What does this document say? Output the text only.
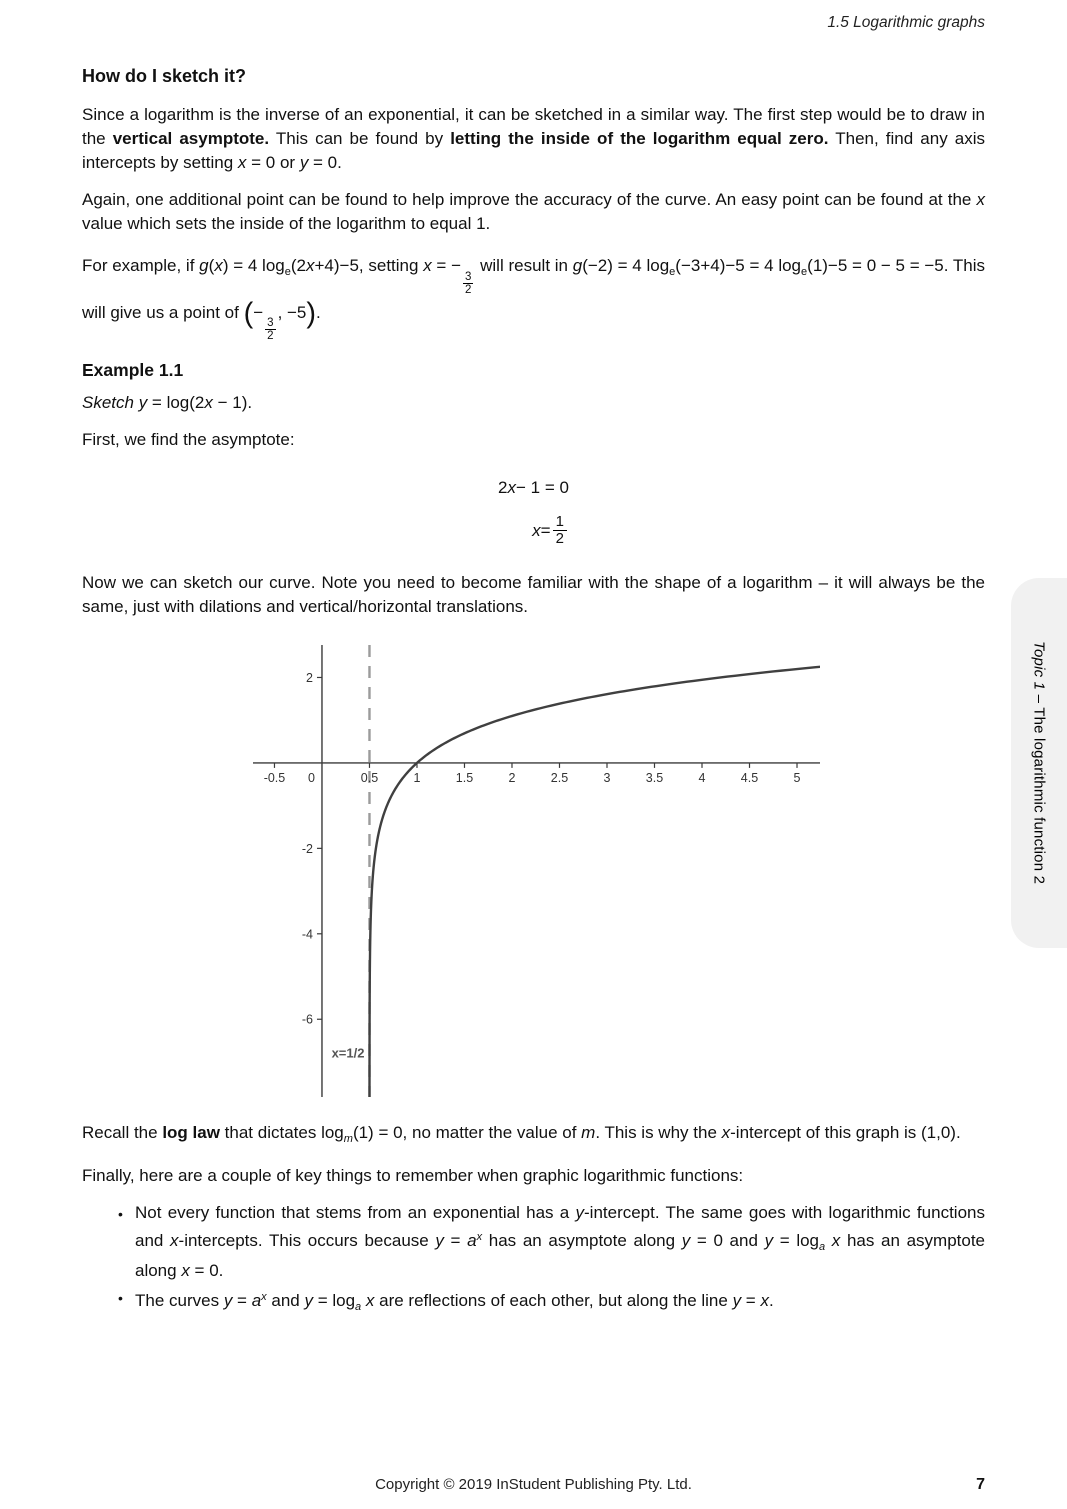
1.5 Logarithmic graphs
How do I sketch it?

Since a logarithm is the inverse of an exponential, it can be sketched in a similar way. The first step would be to draw in the vertical asymptote. This can be found by letting the inside of the logarithm equal zero. Then, find any axis intercepts by setting x = 0 or y = 0.

Again, one additional point can be found to help improve the accuracy of the curve. An easy point can be found at the x value which sets the inside of the logarithm to equal 1.

For example, if g(x) = 4 $\log_e(2x+4)-5$, setting x = −
$\frac{3}{2}$
will result in g(−2) = 4 $\log_e(-3+4)-5 = 4$ $\log_e(1)-5 = 0 - 5 = -5$. This will give us a point of (−
$\frac{3}{2}$
, −5).

Example 1.1

Sketch y = log(2x − 1).

First, we find the asymptote:

2 x − 1 = 0
$x = \frac{1}{2}$

Now we can sketch our curve. Note you need to become familiar with the shape of a logarithm – it will always be the same, just with dilations and vertical/horizontal translations.

-0.5 0	0.5	1	1.5	2	2.5	3	3.5	4	4.5	5
2
-2
-4
-6
x=1/2

Recall the log law that dictates $\log_m(1) = 0$, no matter the value of m. This is why the x-intercept of this graph is (1,0).

Finally, here are a couple of key things to remember when graphic logarithmic functions:

• Not every function that stems from an exponential has a y-intercept. The same goes with logarithmic functions and x-intercepts. This occurs because $y = a^x$ has an asymptote along y = 0 and $y = \log_a x$ has an asymptote along x = 0.
• The curves $y = a^x$ and $y = \log_a x$ are reflections of each other, but along the line y = x.
Topic 1 – The logarithmic function 2
Copyright © 2019 InStudent Publishing Pty. Ltd.	7
